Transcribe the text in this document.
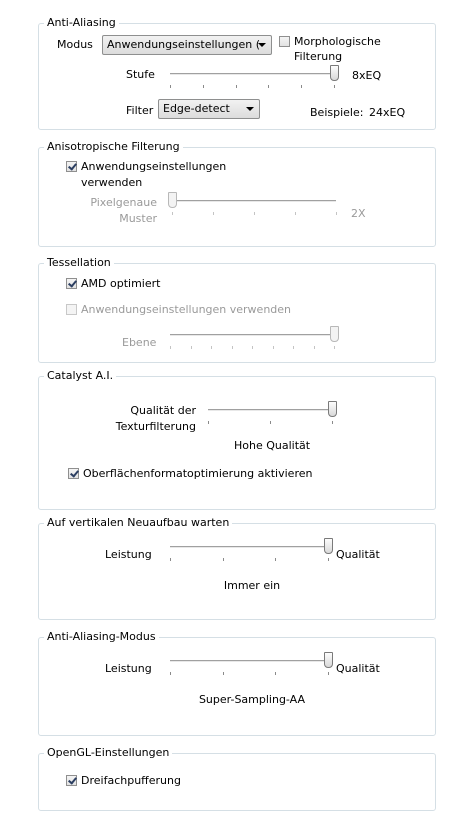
Anti-Aliasing
Modus	Anwendungseinstellungen (	Morphologische
Filterung
Stufe	8xEQ
Filter Edge-detect	Beispiele: 24xEQ
Anisotropische Filterung
Anwendungseinstellungen
verwenden
Pixelgenaue
Muster	2X
Tessellation
AMD optimiert
Anwendungseinstellungen verwenden
Ebene
Catalyst A.I.
Qualität der
Texturfilterung
Hohe Qualität
Oberflächenformatoptimierung aktivieren
Auf vertikalen Neuaufbau warten
Leistung	Qualität
Immer ein
Anti-Aliasing-Modus
Leistung	Qualität
Super-Sampling-AA
OpenGL-Einstellungen
Dreifachpufferung
